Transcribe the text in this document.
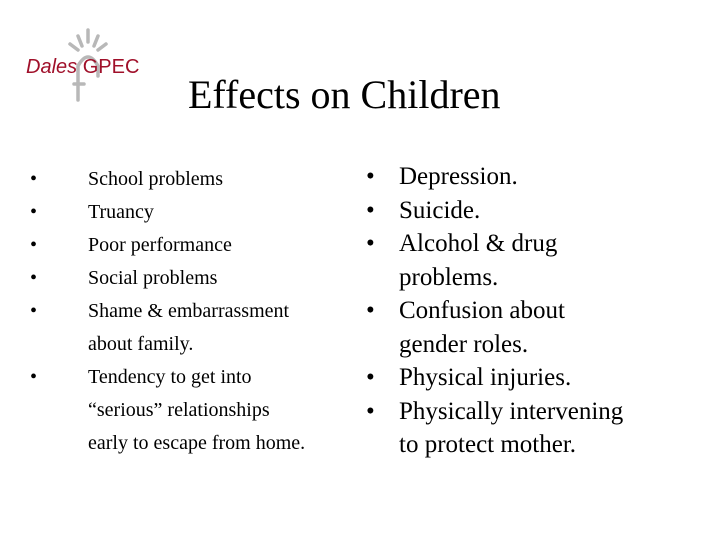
Dales GPEC
Effects on Children
• School problems
• Truancy
• Poor performance
• Social problems
• Shame & embarrassment
about family.
• Tendency to get into
“serious” relationships
early to escape from home.
• Depression.
• Suicide.
• Alcohol & drug
problems.
• Confusion about
gender roles.
• Physical injuries.
• Physically intervening
to protect mother.
